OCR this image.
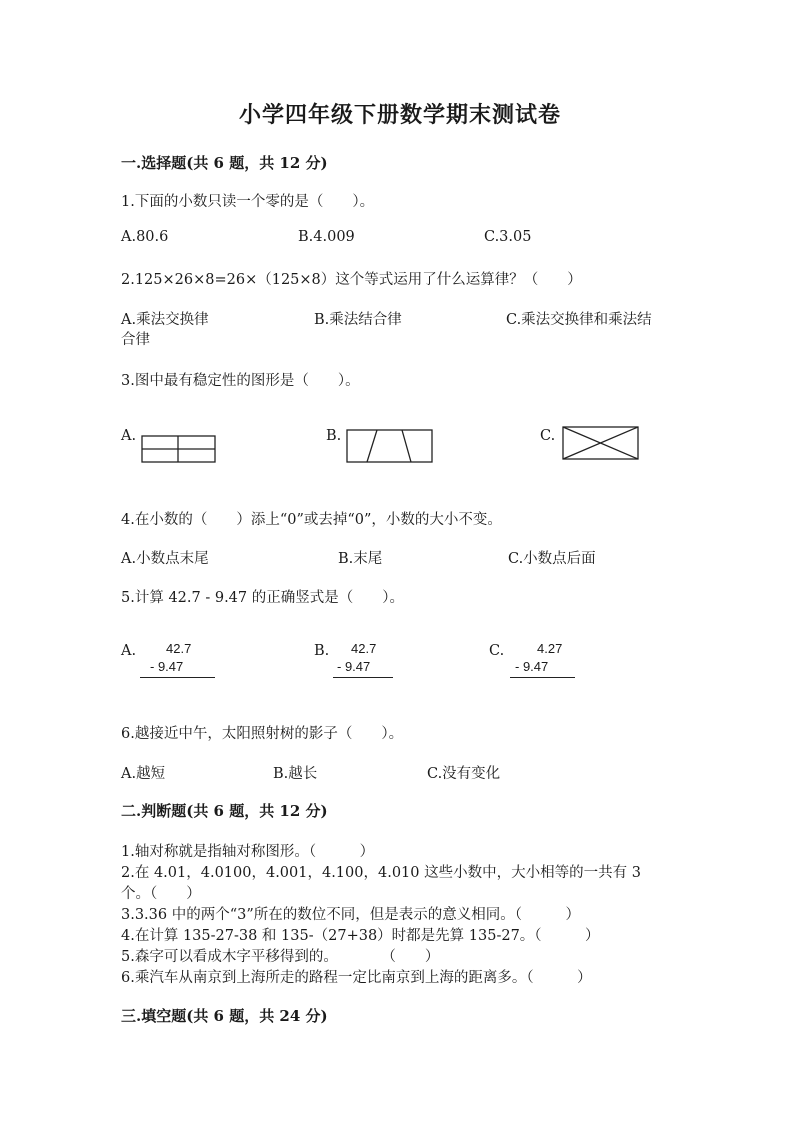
小学四年级下册数学期末测试卷
一.选择题(共 6 题，共 12 分)
1.下面的小数只读一个零的是（　　）。
A.80.6	B.4.009	C.3.05
2.125×26×8=26×（125×8）这个等式运用了什么运算律？（　　）
A.乘法交换律	B.乘法结合律	C.乘法交换律和乘法结
合律
3.图中最有稳定性的图形是（　　）。
A.	B.	C.
4.在小数的（　　）添上“0”或去掉“0”，小数的大小不变。
A.小数点末尾	B.末尾	C.小数点后面
5.计算 42.7 - 9.47 的正确竖式是（　　）。
A. 42.7
- 9.47
B. 42.7
- 9.47
C.	4.27
- 9.47
6.越接近中午，太阳照射树的影子（　　）。
A.越短	B.越长	C.没有变化
二.判断题(共 6 题，共 12 分)
1.轴对称就是指轴对称图形。（　　　）
2.在 4.01，4.0100，4.001，4.100，4.010 这些小数中，大小相等的一共有 3
个。（　　）
3.3.36 中的两个“3”所在的数位不同，但是表示的意义相同。（　　　）
4.在计算 135-27-38 和 135-（27+38）时都是先算 135-27。（　　　）
5.森字可以看成木字平移得到的。　　　　（　　）
6.乘汽车从南京到上海所走的路程一定比南京到上海的距离多。（　　　）
三.填空题(共 6 题，共 24 分)
